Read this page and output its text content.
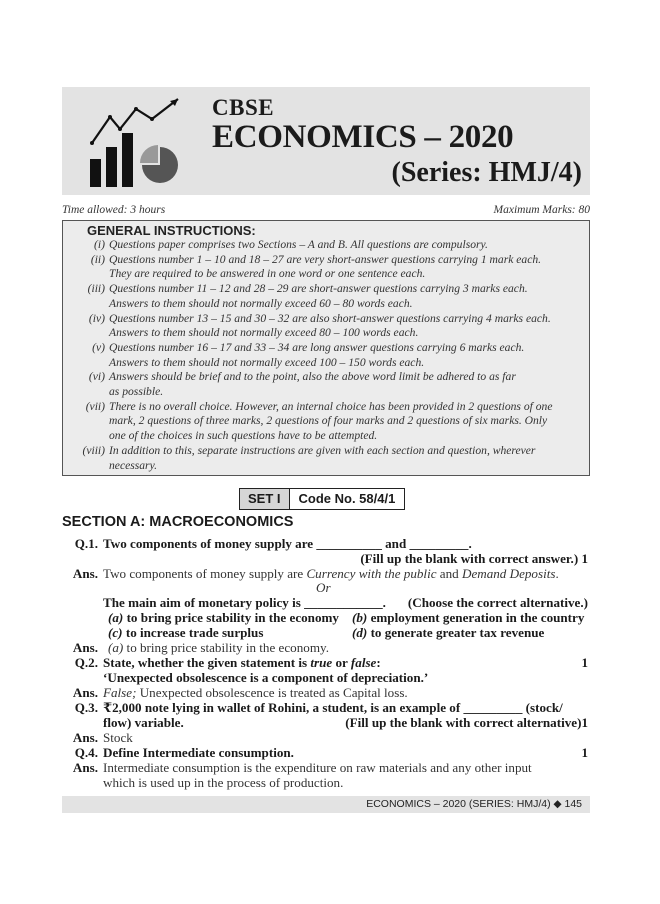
CBSE
ECONOMICS – 2020
(Series: HMJ/4)
Time allowed: 3 hours	Maximum Marks: 80
GENERAL INSTRUCTIONS:
(i) Questions paper comprises two Sections – A and B. All questions are compulsory.
(ii) Questions number 1 – 10 and 18 – 27 are very short-answer questions carrying 1 mark each.
They are required to be answered in one word or one sentence each.
(iii) Questions number 11 – 12 and 28 – 29 are short-answer questions carrying 3 marks each.
Answers to them should not normally exceed 60 – 80 words each.
(iv) Questions number 13 – 15 and 30 – 32 are also short-answer questions carrying 4 marks each.
Answers to them should not normally exceed 80 – 100 words each.
(v) Questions number 16 – 17 and 33 – 34 are long answer questions carrying 6 marks each.
Answers to them should not normally exceed 100 – 150 words each.
(vi) Answers should be brief and to the point, also the above word limit be adhered to as far
as possible.
(vii) There is no overall choice. However, an internal choice has been provided in 2 questions of one
mark, 2 questions of three marks, 2 questions of four marks and 2 questions of six marks. Only
one of the choices in such questions have to be attempted.
(viii) In addition to this, separate instructions are given with each section and question, wherever
necessary.
SET I	Code No. 58/4/1
SECTION A: MACROECONOMICS
Q.1. Two components of money supply are __________ and _________.
(Fill up the blank with correct answer.) 1
Ans. Two components of money supply are Currency with the public and Demand Deposits.
Or
The main aim of monetary policy is ____________. (Choose the correct alternative.)
(a) to bring price stability in the economy (b) employment generation in the country
(c) to increase trade surplus	(d) to generate greater tax revenue
Ans. (a) to bring price stability in the economy.
Q.2. State, whether the given statement is true or false:	1
‘Unexpected obsolescence is a component of depreciation.’
Ans. False; Unexpected obsolescence is treated as Capital loss.
Q.3. ₹2,000 note lying in wallet of Rohini, a student, is an example of _________ (stock/
flow) variable.	(Fill up the blank with correct alternative)1
Ans. Stock
Q.4. Define Intermediate consumption.	1
Ans. Intermediate consumption is the expenditure on raw materials and any other input
which is used up in the process of production.
ECONOMICS – 2020 (SERIES: HMJ/4) ◆ 145
